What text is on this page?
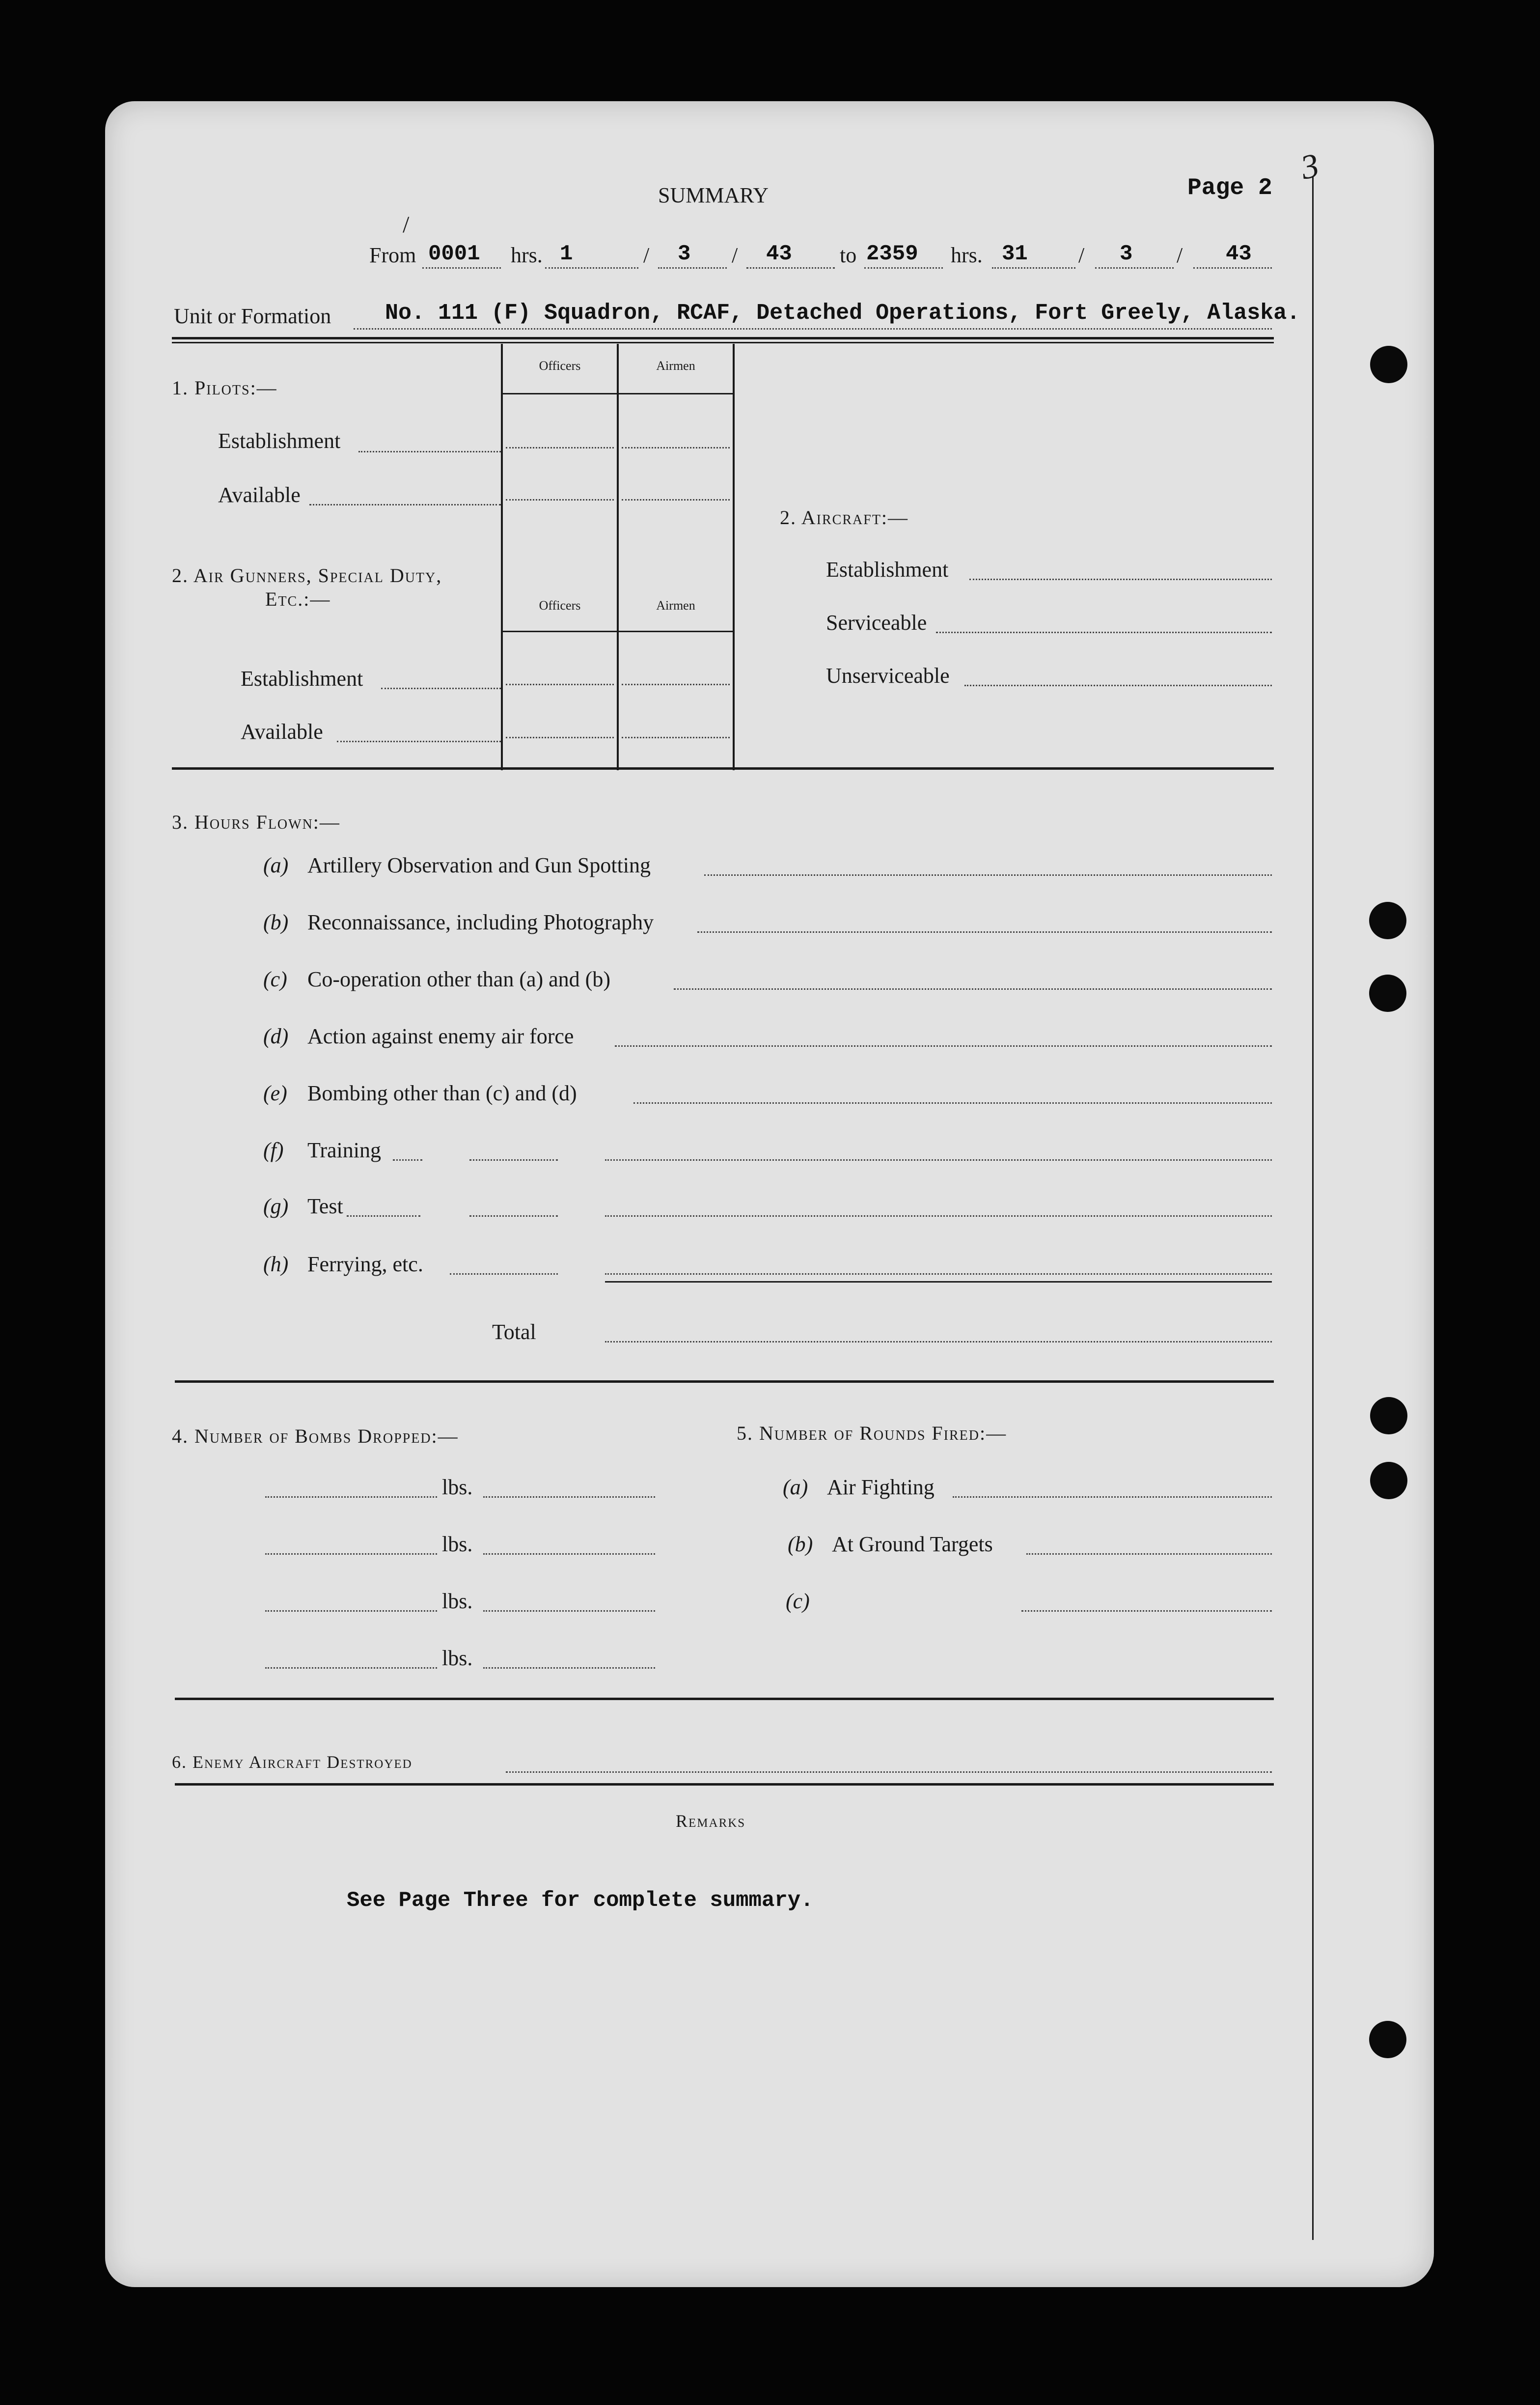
/
SUMMARY	Page 2
3
From 0001 hrs. 1	/ 3 / 43 to 2359 hrs. 31 / 3 / 43
Unit or Formation No. 111 (F) Squadron, RCAF, Detached Operations, Fort Greely, Alaska.
Officers	Airmen
1. Pilots:—
Establishment
Available
2. Air Gunners, Special Duty,
Etc.:—	Officers	Airmen
Establishment
Available
2. Aircraft:—
Establishment
Serviceable
Unserviceable
3. Hours Flown:—
(a) Artillery Observation and Gun Spotting
(b) Reconnaissance, including Photography
(c) Co-operation other than (a) and (b)
(d) Action against enemy air force
(e) Bombing other than (c) and (d)
(f) Training
(g) Test
(h) Ferrying, etc.
Total
4. Number of Bombs Dropped:—
lbs.
lbs.
lbs.
lbs.
5. Number of Rounds Fired:—
(a) Air Fighting
(b) At Ground Targets
(c)
6. Enemy Aircraft Destroyed
Remarks
See Page Three for complete summary.
